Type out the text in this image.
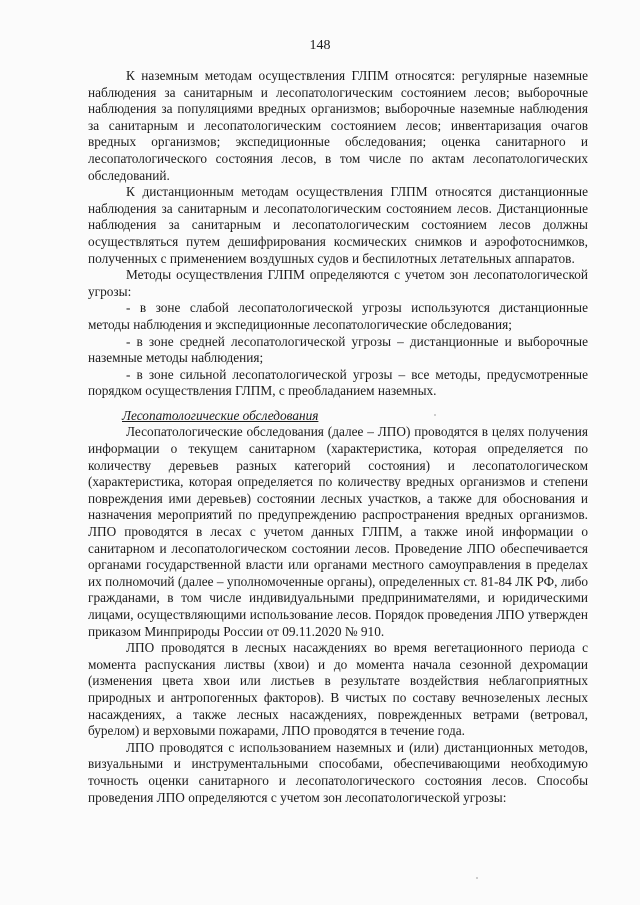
148

К наземным методам осуществления ГЛПМ относятся: регулярные наземные наблюдения за санитарным и лесопатологическим состоянием лесов; выборочные наблюдения за популяциями вредных организмов; выборочные наземные наблюдения за санитарным и лесопатологическим состоянием лесов; инвентаризация очагов вредных организмов; экспедиционные обследования; оценка санитарного и лесопатологического состояния лесов, в том числе по актам лесопатологических обследований.

К дистанционным методам осуществления ГЛПМ относятся дистанционные наблюдения за санитарным и лесопатологическим состоянием лесов. Дистанционные наблюдения за санитарным и лесопатологическим состоянием лесов должны осуществляться путем дешифрирования космических снимков и аэрофотоснимков, полученных с применением воздушных судов и беспилотных летательных аппаратов.

Методы осуществления ГЛПМ определяются с учетом зон лесопатологической угрозы:

- в зоне слабой лесопатологической угрозы используются дистанционные методы наблюдения и экспедиционные лесопатологические обследования;

- в зоне средней лесопатологической угрозы – дистанционные и выборочные наземные методы наблюдения;

- в зоне сильной лесопатологической угрозы – все методы, предусмотренные порядком осуществления ГЛПМ, с преобладанием наземных.

Лесопатологические обследования

Лесопатологические обследования (далее – ЛПО) проводятся в целях получения информации о текущем санитарном (характеристика, которая определяется по количеству деревьев разных категорий состояния) и лесопатологическом (характеристика, которая определяется по количеству вредных организмов и степени повреждения ими деревьев) состоянии лесных участков, а также для обоснования и назначения мероприятий по предупреждению распространения вредных организмов. ЛПО проводятся в лесах с учетом данных ГЛПМ, а также иной информации о санитарном и лесопатологическом состоянии лесов. Проведение ЛПО обеспечивается органами государственной власти или органами местного самоуправления в пределах их полномочий (далее – уполномоченные органы), определенных ст. 81-84 ЛК РФ, либо гражданами, в том числе индивидуальными предпринимателями, и юридическими лицами, осуществляющими использование лесов. Порядок проведения ЛПО утвержден приказом Минприроды России от 09.11.2020 № 910.

ЛПО проводятся в лесных насаждениях во время вегетационного периода с момента распускания листвы (хвои) и до момента начала сезонной дехромации (изменения цвета хвои или листьев в результате воздействия неблагоприятных природных и антропогенных факторов). В чистых по составу вечнозеленых лесных насаждениях, а также лесных насаждениях, поврежденных ветрами (ветровал, бурелом) и верховыми пожарами, ЛПО проводятся в течение года.

ЛПО проводятся с использованием наземных и (или) дистанционных методов, визуальными и инструментальными способами, обеспечивающими необходимую точность оценки санитарного и лесопатологического состояния лесов. Способы проведения ЛПО определяются с учетом зон лесопатологической угрозы:
